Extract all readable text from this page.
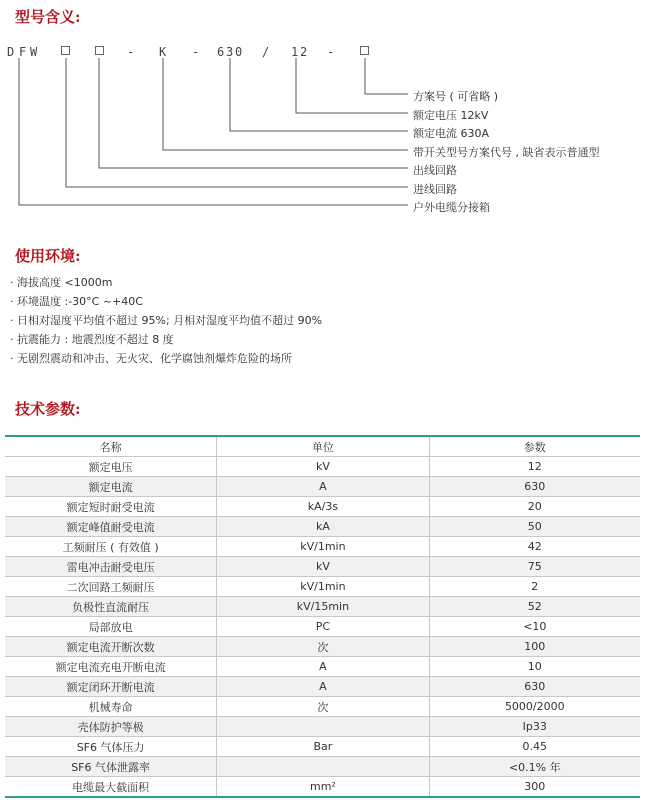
型号含义:
D F W	- K - 6 3 0 / 1 2 -
方案号 ( 可省略 )
额定电压 12kV
额定电流 630A
带开关型号方案代号 , 缺省表示普通型
出线回路
进线回路
户外电缆分接箱
使用环境:
· 海拔高度 <1000m
· 环境温度 :-30°C ~+40C
· 日相对湿度平均值不超过 95%; 月相对湿度平均值不超过 90%
· 抗震能力 : 地震烈度不超过 8 度
· 无剧烈震动和冲击、无火灾、化学腐蚀剂爆炸危险的场所
技术参数:
名称	单位	参数
额定电压	kV	12
额定电流	A	630
额定短时耐受电流	kA/3s	20
额定峰值耐受电流	kA	50
工频耐压 ( 有效值 )	kV/1min	42
雷电冲击耐受电压	kV	75
二次回路工频耐压	kV/1min	2
负极性直流耐压	kV/15min	52
局部放电	PC	<10
额定电流开断次数	次	100
额定电流充电开断电流	A	10
额定闭环开断电流	A	630
机械寿命	次	5000/2000
壳体防护等极		Ip33
SF6 气体压力	Bar	0.45
SF6 气体泄露率		<0.1% 年
电缆最大截面积	mm²	300
